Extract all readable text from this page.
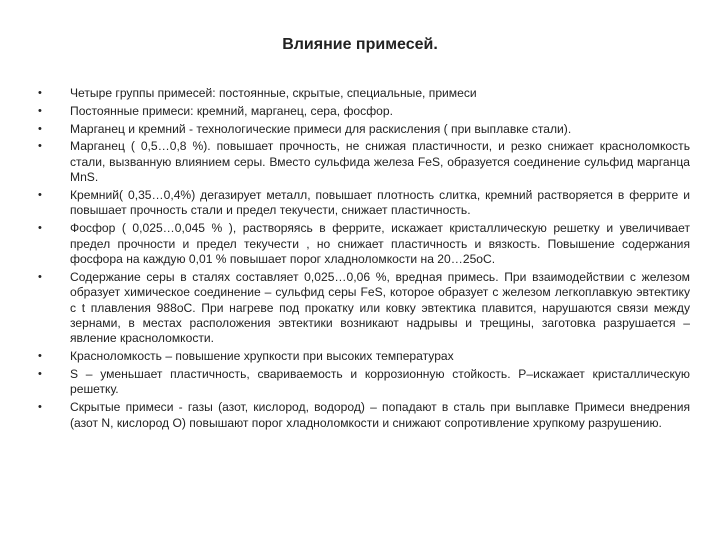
Влияние примесей.
• Четыре группы примесей: постоянные, скрытые, специальные, примеси
• Постоянные примеси: кремний, марганец, сера, фосфор.
• Марганец и кремний - технологические примеси для раскисления ( при выплавке стали).
• Марганец ( 0,5…0,8 %). повышает прочность, не снижая пластичности, и резко снижает красноломкость стали, вызванную влиянием серы. Вместо сульфида железа FeS, образуется соединение сульфид марганца MnS.
• Кремний( 0,35…0,4%) дегазирует металл, повышает плотность слитка, кремний растворяется в феррите и повышает прочность стали и предел текучести, снижает пластичность.
• Фосфор ( 0,025…0,045 % ), растворяясь в феррите, искажает кристаллическую решетку и увеличивает предел прочности и предел текучести , но снижает пластичность и вязкость. Повышение содержания фосфора на каждую 0,01 % повышает порог хладноломкости на 20…25oC.
• Содержание серы в сталях составляет 0,025…0,06 %, вредная примесь. При взаимодействии с железом образует химическое соединение – сульфид серы FeS, которое образует с железом легкоплавкую эвтектику с t плавления 988oC. При нагреве под прокатку или ковку эвтектика плавится, нарушаются связи между зернами, в местах расположения эвтектики возникают надрывы и трещины, заготовка разрушается – явление красноломкости.
• Красноломкость – повышение хрупкости при высоких температурах
• S – уменьшает пластичность, свариваемость и коррозионную стойкость. P–искажает кристаллическую решетку.
• Скрытые примеси - газы (азот, кислород, водород) – попадают в сталь при выплавке Примеси внедрения (азот N, кислород O) повышают порог хладноломкости и снижают сопротивление хрупкому разрушению.
